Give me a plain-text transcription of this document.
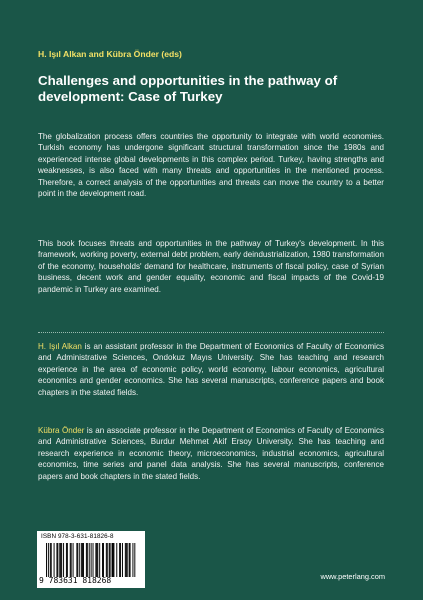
H. Işıl Alkan and Kübra Önder (eds)
Challenges and opportunities in the pathway of development: Case of Turkey

The globalization process offers countries the opportunity to integrate with world economies. Turkish economy has undergone significant structural transformation since the 1980s and experienced intense global developments in this complex period. Turkey, having strengths and weaknesses, is also faced with many threats and opportunities in the mentioned process. Therefore, a correct analysis of the opportunities and threats can move the country to a better point in the development road.

This book focuses threats and opportunities in the pathway of Turkey's development. In this framework, working poverty, external debt problem, early deindustrialization, 1980 transformation of the economy, households' demand for healthcare, instruments of fiscal policy, case of Syrian business, decent work and gender equality, economic and fiscal impacts of the Covid-19 pandemic in Turkey are examined.

H. Işıl Alkan is an assistant professor in the Department of Economics of Faculty of Economics and Administrative Sciences, Ondokuz Mayıs University. She has teaching and research experience in the area of economic policy, world economy, labour economics, agricultural economics and gender economics. She has several manuscripts, conference papers and book chapters in the stated fields.

Kübra Önder is an associate professor in the Department of Economics of Faculty of Economics and Administrative Sciences, Burdur Mehmet Akif Ersoy University. She has teaching and research experience in economic theory, microeconomics, industrial economics, agricultural economics, time series and panel data analysis. She has several manuscripts, conference papers and book chapters in the stated fields.

ISBN 978-3-631-81826-8
9 783631 818268	www.peterlang.com
